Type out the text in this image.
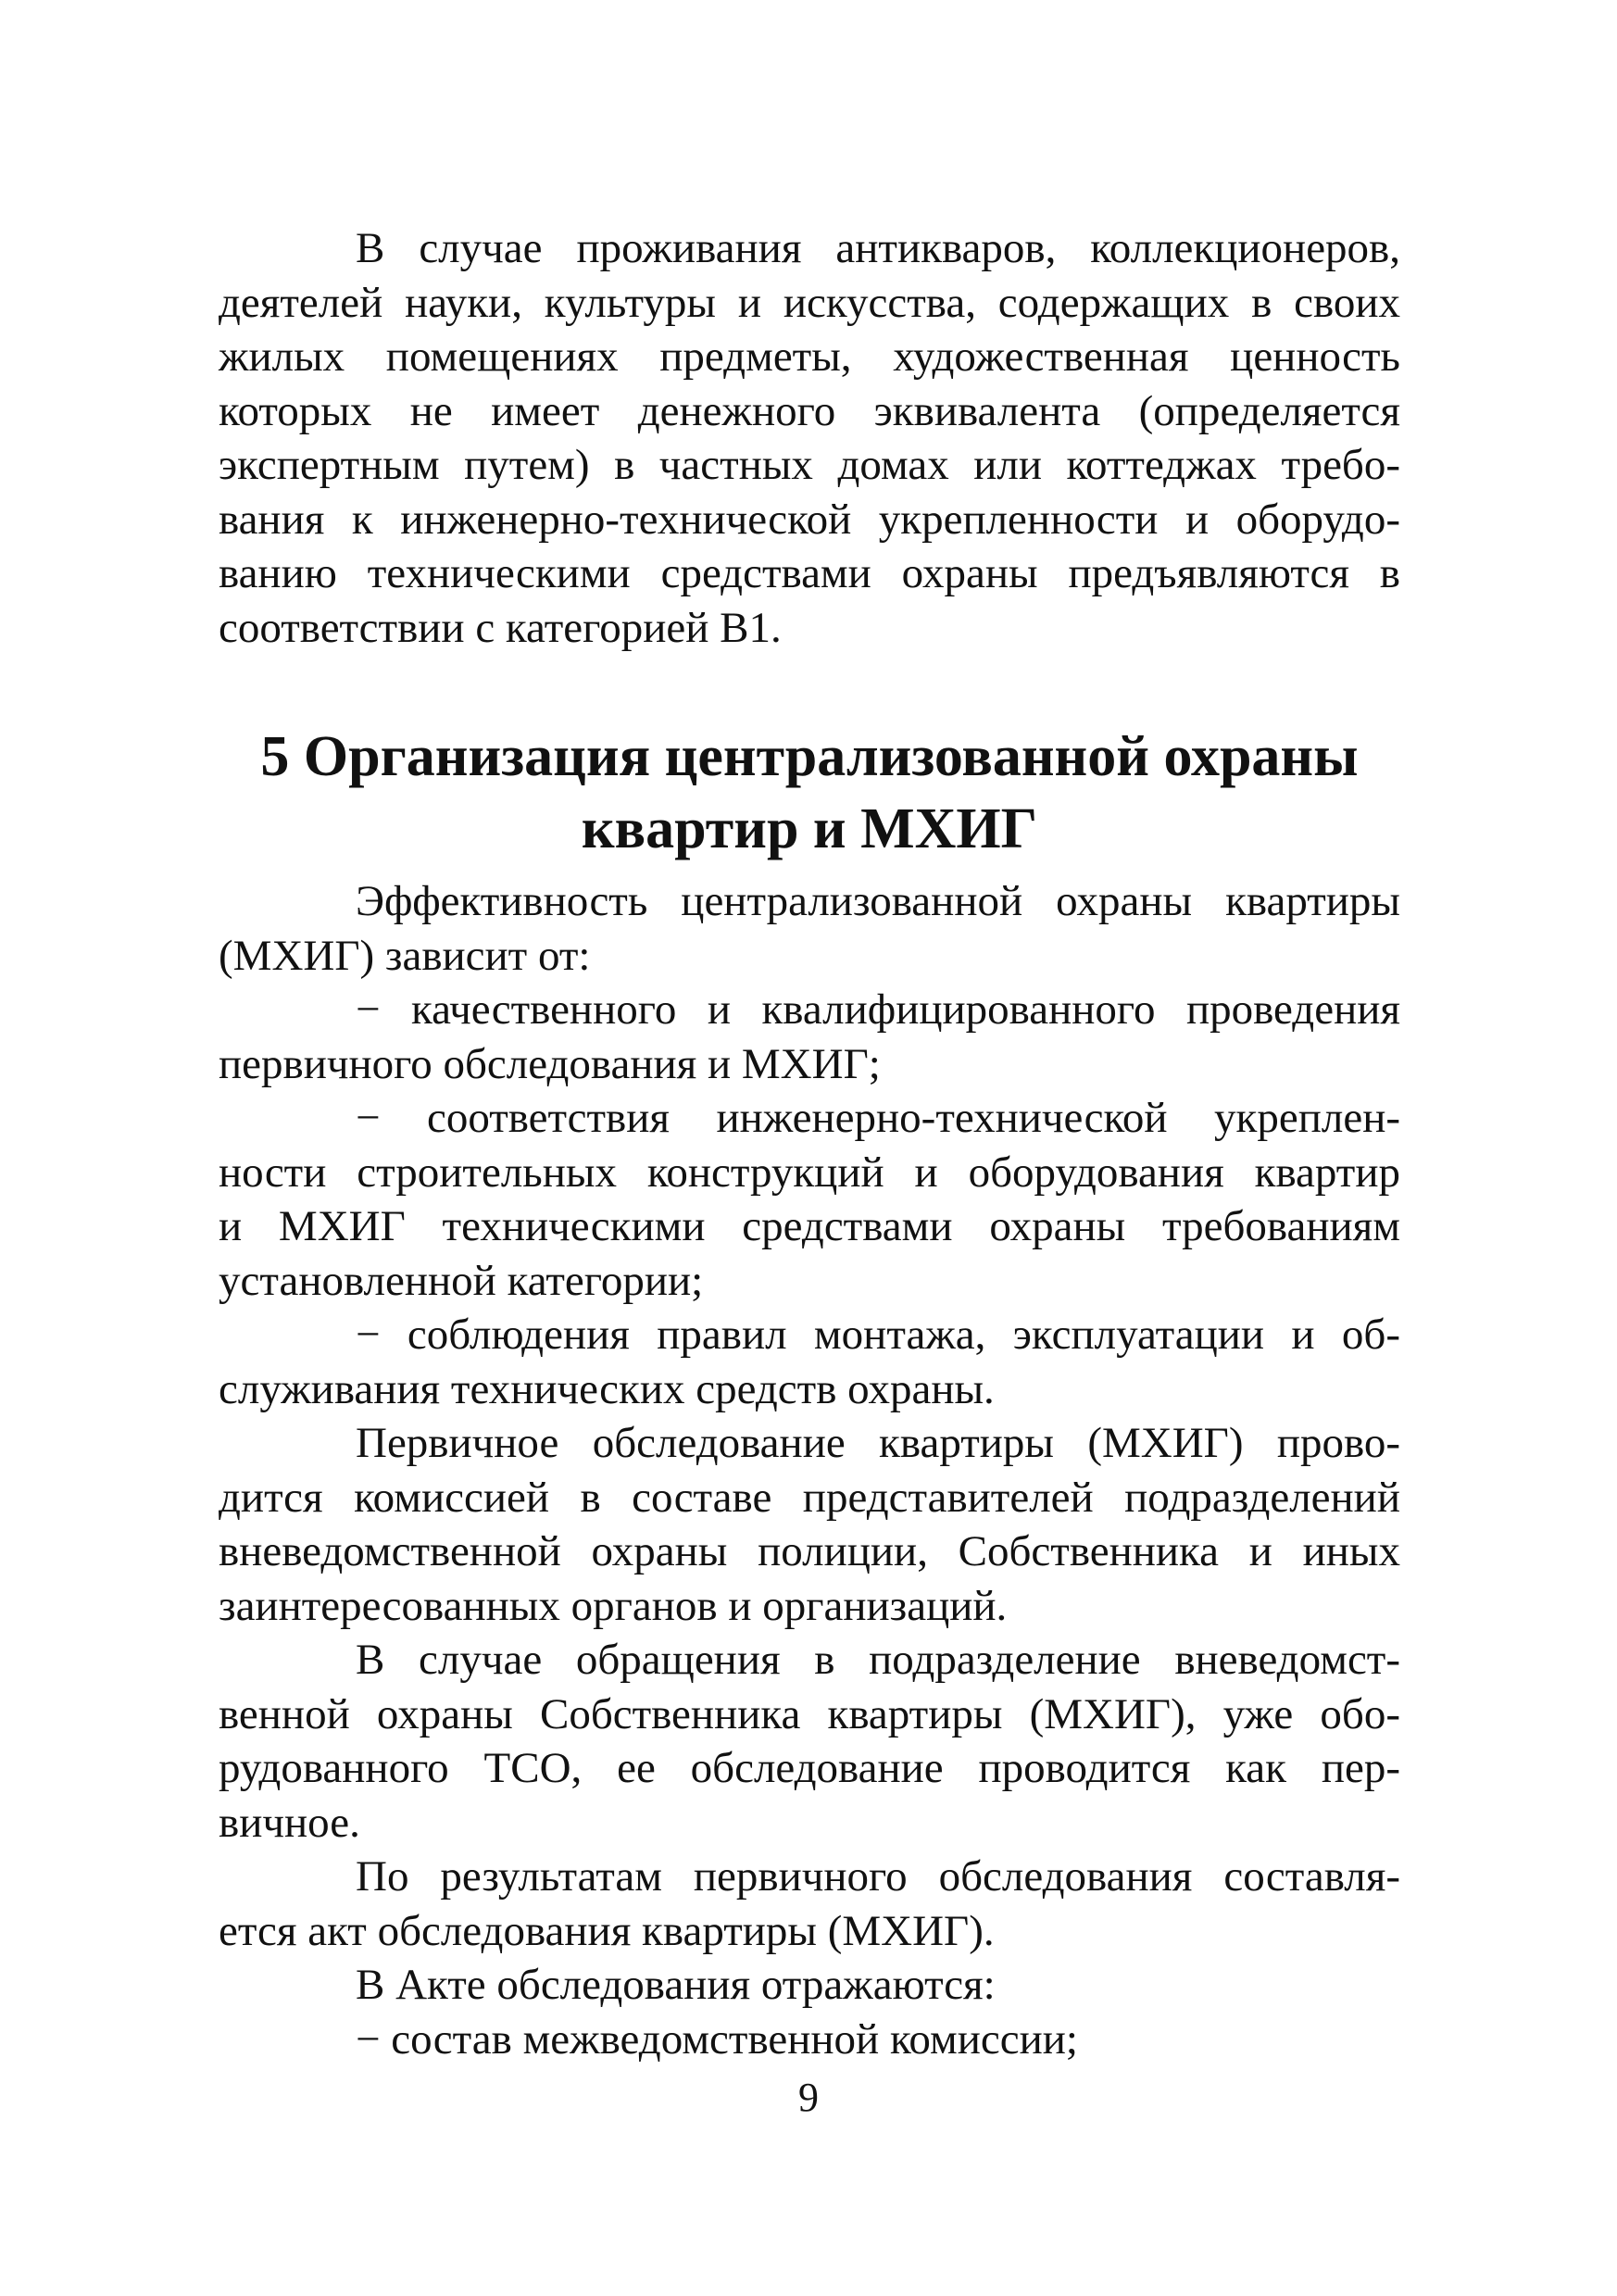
В случае проживания антикваров, коллекционеров,
деятелей науки, культуры и искусства, содержащих в своих
жилых помещениях предметы, художественная ценность
которых не имеет денежного эквивалента (определяется
экспертным путем) в частных домах или коттеджах требо-
вания к инженерно-технической укрепленности и оборудо-
ванию техническими средствами охраны предъявляются в
соответствии с категорией В1.
5 Организация централизованной охраны
квартир и МХИГ
Эффективность централизованной охраны квартиры
(МХИГ) зависит от:
− качественного и квалифицированного проведения
первичного обследования и МХИГ;
− соответствия инженерно-технической укреплен-
ности строительных конструкций и оборудования квартир
и МХИГ техническими средствами охраны требованиям
установленной категории;
− соблюдения правил монтажа, эксплуатации и об-
служивания технических средств охраны.
Первичное обследование квартиры (МХИГ) прово-
дится комиссией в составе представителей подразделений
вневедомственной охраны полиции, Собственника и иных
заинтересованных органов и организаций.
В случае обращения в подразделение вневедомст-
венной охраны Собственника квартиры (МХИГ), уже обо-
рудованного ТСО, ее обследование проводится как пер-
вичное.
По результатам первичного обследования составля-
ется акт обследования квартиры (МХИГ).
В Акте обследования отражаются:
− состав межведомственной комиссии;
9
